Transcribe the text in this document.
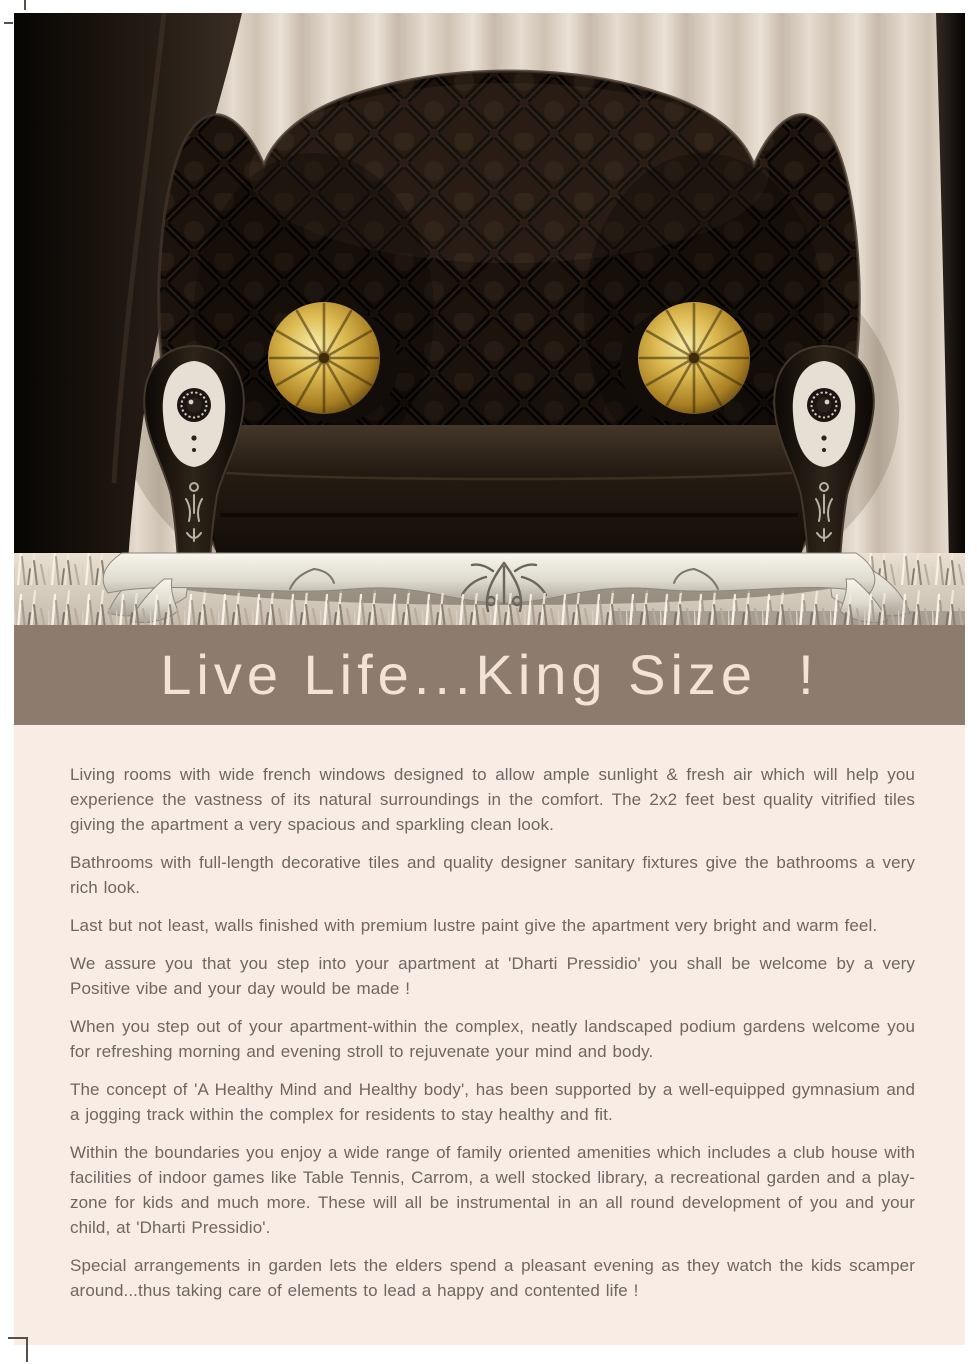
Live Life...King Size  !

Living rooms with wide french windows designed to allow ample sunlight & fresh air which will help you experience the vastness of its natural surroundings in the comfort. The 2x2 feet best quality vitrified tiles giving the apartment a very spacious and sparkling clean look.

Bathrooms with full-length decorative tiles and quality designer sanitary fixtures give the bathrooms a very rich look.

Last but not least, walls finished with premium lustre paint give the apartment very bright and warm feel.

We assure you that you step into your apartment at 'Dharti Pressidio' you shall be welcome by a very Positive vibe and your day would be made !

When you step out of your apartment-within the complex, neatly landscaped podium gardens welcome you for refreshing morning and evening stroll to rejuvenate your mind and body.

The concept of 'A Healthy Mind and Healthy body', has been supported by a well-equipped gymnasium and a jogging track within the complex for residents to stay healthy and fit.

Within the boundaries you enjoy a wide range of family oriented amenities which includes a club house with facilities of indoor games like Table Tennis, Carrom, a well stocked library, a recreational garden and a play-zone for kids and much more. These will all be instrumental in an all round development of you and your child, at 'Dharti Pressidio'.

Special arrangements in garden lets the elders spend a pleasant evening as they watch the kids scamper around...thus taking care of elements to lead a happy and contented life !
